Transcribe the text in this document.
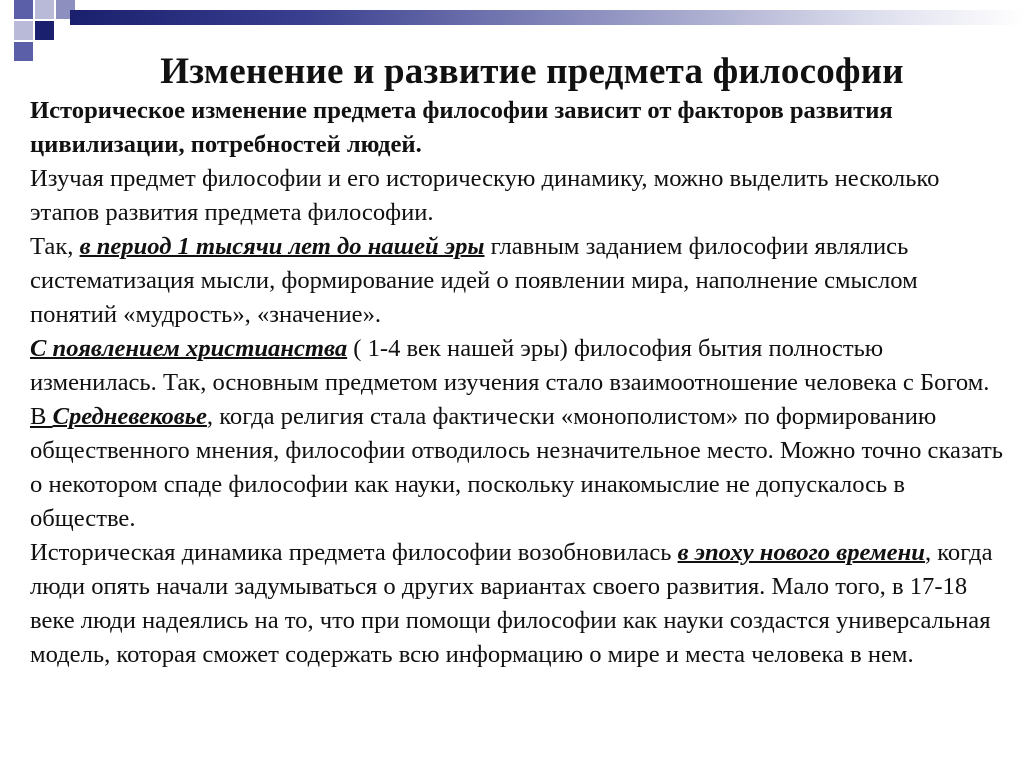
Изменение и развитие предмета философии

Историческое изменение предмета философии зависит от факторов развития цивилизации, потребностей людей.

Изучая предмет философии и его историческую динамику, можно выделить несколько этапов развития предмета философии.

Так, в период 1 тысячи лет до нашей эры главным заданием философии являлись систематизация мысли, формирование идей о появлении мира, наполнение смыслом понятий «мудрость», «значение».

С появлением христианства ( 1-4 век нашей эры) философия бытия полностью изменилась. Так, основным предметом изучения стало взаимоотношение человека с Богом.

В Средневековье, когда религия стала фактически «монополистом» по формированию общественного мнения, философии отводилось незначительное место. Можно точно сказать о некотором спаде философии как науки, поскольку инакомыслие не допускалось в обществе.

Историческая динамика предмета философии возобновилась в эпоху нового времени, когда люди опять начали задумываться о других вариантах своего развития. Мало того, в 17-18 веке люди надеялись на то, что при помощи философии как науки создастся универсальная модель, которая сможет содержать всю информацию о мире и места человека в нем.
